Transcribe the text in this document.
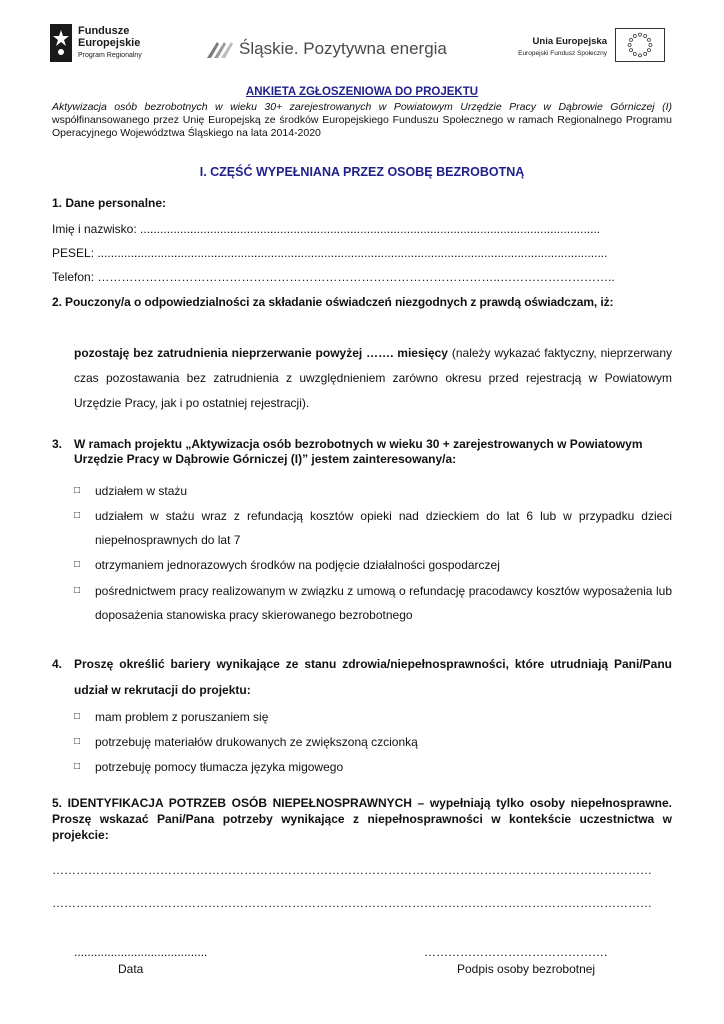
Fundusze
Europejskie
Program Regionalny	Śląskie. Pozytywna energia	Unia Europejska
Europejski Fundusz Społeczny
ANKIETA ZGŁOSZENIOWA DO PROJEKTU
Aktywizacja osób bezrobotnych w wieku 30+ zarejestrowanych w Powiatowym Urzędzie Pracy w Dąbrowie Górniczej (I) współfinansowanego przez Unię Europejską ze środków Europejskiego Funduszu Społecznego w ramach Regionalnego Programu Operacyjnego Województwa Śląskiego na lata 2014-2020
I. CZĘŚĆ WYPEŁNIANA PRZEZ OSOBĘ BEZROBOTNĄ
1. Dane personalne:
Imię i nazwisko: ..........................................................................................................................................
PESEL: .........................................................................................................................................................
Telefon: ………………………………………………………………………………………..………………………..
2. Pouczony/a o odpowiedzialności za składanie oświadczeń niezgodnych z prawdą oświadczam, iż:
pozostaję bez zatrudnienia nieprzerwanie powyżej ……. miesięcy (należy wykazać faktyczny, nieprzerwany czas pozostawania bez zatrudnienia z uwzględnieniem zarówno okresu przed rejestracją w Powiatowym Urzędzie Pracy, jak i po ostatniej rejestracji).
3. W ramach projektu „Aktywizacja osób bezrobotnych w wieku 30 + zarejestrowanych w Powiatowym
Urzędzie Pracy w Dąbrowie Górniczej (I)” jestem zainteresowany/a:
□	udziałem w stażu
□	udziałem w stażu wraz z refundacją kosztów opieki nad dzieckiem do lat 6 lub w przypadku dzieci niepełnosprawnych do lat 7
□	otrzymaniem jednorazowych środków na podjęcie działalności gospodarczej
□	pośrednictwem pracy realizowanym w związku z umową o refundację pracodawcy kosztów wyposażenia lub doposażenia stanowiska pracy skierowanego bezrobotnego
4. Proszę określić bariery wynikające ze stanu zdrowia/niepełnosprawności, które utrudniają Pani/Panu udział w rekrutacji do projektu:
□	mam problem z poruszaniem się
□	potrzebuję materiałów drukowanych ze zwiększoną czcionką
□	potrzebuję pomocy tłumacza języka migowego
5. IDENTYFIKACJA POTRZEB OSÓB NIEPEŁNOSPRAWNYCH – wypełniają tylko osoby niepełnosprawne. Proszę wskazać Pani/Pana potrzeby wynikające z niepełnosprawności w kontekście uczestnictwa w projekcie:
……………………………………………………………………………………………………………………………………
……………………………………………………………………………………………………………………………………
........................................
Data
……………………………………….
Podpis osoby bezrobotnej
